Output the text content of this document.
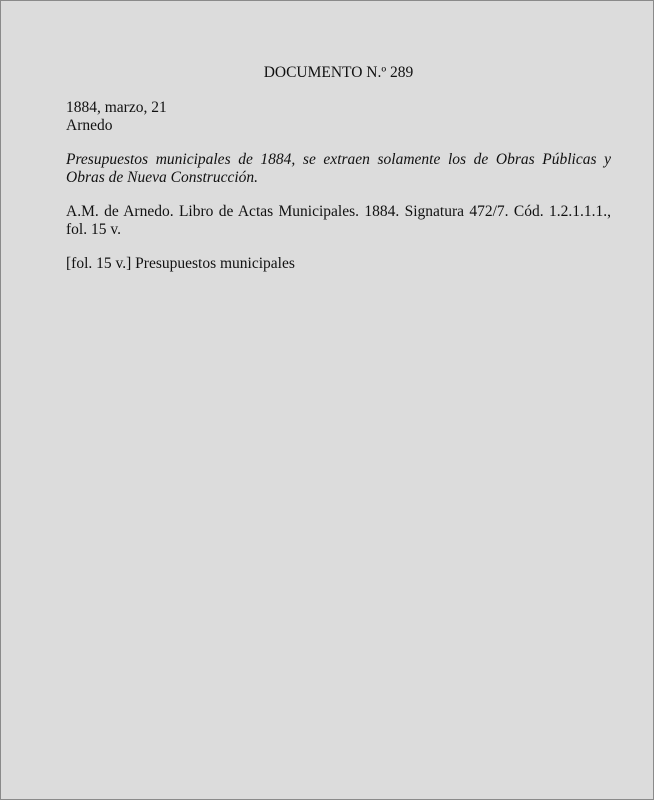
DOCUMENTO N.º 289

1884, marzo, 21

Arnedo

Presupuestos municipales de 1884, se extraen solamente los de Obras Públicas y Obras de Nueva Construcción.

A.M. de Arnedo. Libro de Actas Municipales. 1884. Signatura 472/7. Cód. 1.2.1.1.1., fol. 15 v.

[fol. 15 v.] Presupuestos municipales
